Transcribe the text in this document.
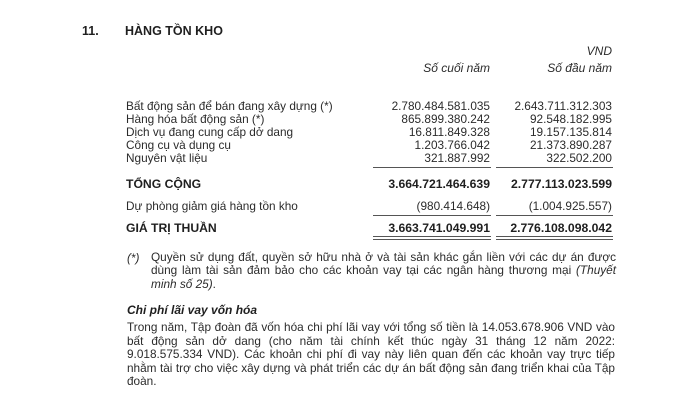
11. HÀNG TỒN KHO
VND
Số cuối năm	Số đầu năm
Bất động sản để bán đang xây dựng (*)	2.780.484.581.035	2.643.711.312.303
Hàng hóa bất động sản (*)	865.899.380.242	92.548.182.995
Dịch vụ đang cung cấp dở dang	16.811.849.328	19.157.135.814
Công cụ và dụng cụ	1.203.766.042	21.373.890.287
Nguyên vật liệu	321.887.992	322.502.200
TỔNG CỘNG	3.664.721.464.639	2.777.113.023.599
Dự phòng giảm giá hàng tồn kho	(980.414.648)	(1.004.925.557)
GIÁ TRỊ THUẦN	3.663.741.049.991	2.776.108.098.042
(*) Quyền sử dụng đất, quyền sở hữu nhà ở và tài sản khác gắn liền với các dự án được dùng làm tài sản đảm bảo cho các khoản vay tại các ngân hàng thương mại (Thuyết minh số 25).
Chi phí lãi vay vốn hóa
Trong năm, Tập đoàn đã vốn hóa chi phí lãi vay với tổng số tiền là 14.053.678.906 VND vào bất động sản dở dang (cho năm tài chính kết thúc ngày 31 tháng 12 năm 2022: 9.018.575.334 VND). Các khoản chi phí đi vay này liên quan đến các khoản vay trực tiếp nhằm tài trợ cho việc xây dựng và phát triển các dự án bất động sản đang triển khai của Tập đoàn.
